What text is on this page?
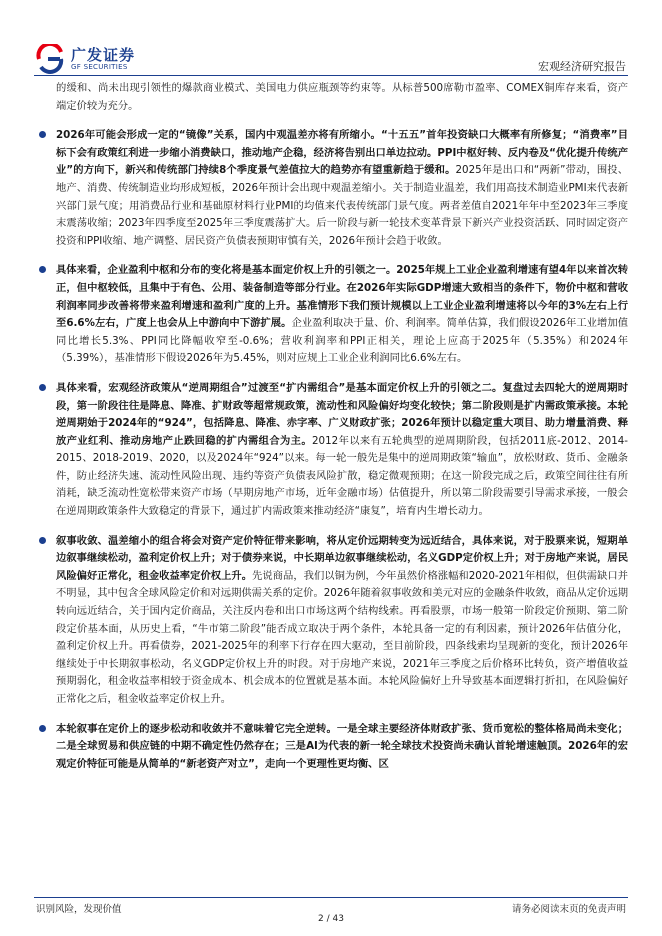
广发证券
GF SECURITIES	宏观经济研究报告

的缓和、尚未出现引领性的爆款商业模式、美国电力供应瓶颈等约束等。从标普500席勒市盈率、COMEX铜库存来看，资产端定价较为充分。

2026年可能会形成一定的“镜像”关系，国内中观温差亦将有所缩小。“十五五”首年投资缺口大概率有所修复；“消费率”目标下会有政策红利进一步缩小消费缺口，推动地产企稳，经济将告别出口单边拉动。PPI中枢好转、反内卷及“优化提升传统产业”的方向下，新兴和传统部门持续8个季度景气差值拉大的趋势亦有望重新趋于缓和。2025年是出口和“两新”带动，围投、地产、消费、传统制造业均形成短板，2026年预计会出现中观温差缩小。关于制造业温差，我们用高技术制造业PMI来代表新兴部门景气度；用消费品行业和基础原材料行业PMI的均值来代表传统部门景气度。两者差值自2021年年中至2023年三季度末震荡收缩；2023年四季度至2025年三季度震荡扩大。后一阶段与新一轮技术变革背景下新兴产业投资活跃、同时固定资产投资和PPI收缩、地产调整、居民资产负债表预期审慎有关，2026年预计会趋于收敛。

具体来看，企业盈利中枢和分布的变化将是基本面定价权上升的引领之一。2025年规上工业企业盈利增速有望4年以来首次转正，但中枢较低，且集中于有色、公用、装备制造等部分行业。在2026年实际GDP增速大致相当的条件下，物价中枢和营收利润率同步改善将带来盈利增速和盈利广度的上升。基准情形下我们预计规模以上工业企业盈利增速将以今年的3%左右上行至6.6%左右，广度上也会从上中游向中下游扩展。企业盈利取决于量、价、利润率。简单估算，我们假设2026年工业增加值同比增长5.3%、PPI同比降幅收窄至-0.6%；营收利润率和PPI正相关，理论上应高于2025年（5.35%）和2024年（5.39%），基准情形下假设2026年为5.45%，则对应规上工业企业利润同比6.6%左右。

具体来看，宏观经济政策从“逆周期组合”过渡至“扩内需组合”是基本面定价权上升的引领之二。复盘过去四轮大的逆周期时段，第一阶段往往是降息、降准、扩财政等超常规政策，流动性和风险偏好均变化较快；第二阶段则是扩内需政策承接。本轮逆周期始于2024年的“924”，包括降息、降准、赤字率、广义财政扩张；2026年预计以稳定重大项目、助力增量消费、释放产业红利、推动房地产止跌回稳的扩内需组合为主。2012年以来有五轮典型的逆周期阶段，包括2011底-2012、2014-2015、2018-2019、2020，以及2024年“924”以来。每一轮一般先是集中的逆周期政策“输血”，放松财政、货币、金融条件，防止经济失速、流动性风险出现、违约等资产负债表风险扩散，稳定微观预期；在这一阶段完成之后，政策空间往往有所消耗，缺乏流动性宽松带来资产市场（早期房地产市场，近年金融市场）估值提升，所以第二阶段需要引导需求承接，一般会在逆周期政策条件大致稳定的背景下，通过扩内需政策来推动经济“康复”，培育内生增长动力。

叙事收敛、温差缩小的组合将会对资产定价特征带来影响，将从定价远期转变为远近结合，具体来说，对于股票来说，短期单边叙事继续松动，盈利定价权上升；对于债券来说，中长期单边叙事继续松动，名义GDP定价权上升；对于房地产来说，居民风险偏好正常化，租金收益率定价权上升。先说商品，我们以铜为例，今年虽然价格涨幅和2020-2021年相似，但供需缺口并不明显，其中包含全球风险定价和对远期供需关系的定价。2026年随着叙事收敛和美元对应的金融条件收敛，商品从定价远期转向远近结合，关于国内定价商品，关注反内卷和出口市场这两个结构线索。再看股票，市场一般第一阶段定价预期、第二阶段定价基本面，从历史上看，“牛市第二阶段”能否成立取决于两个条件，本轮具备一定的有利因素，预计2026年估值分化，盈利定价权上升。再看债券，2021-2025年的利率下行存在四大驱动，至目前阶段，四条线索均呈现新的变化，预计2026年继续处于中长期叙事松动，名义GDP定价权上升的时段。对于房地产来说，2021年三季度之后价格环比转负，资产增值收益预期弱化，租金收益率相较于资金成本、机会成本的位置就是基本面。本轮风险偏好上升导致基本面逻辑打折扣，在风险偏好正常化之后，租金收益率定价权上升。

本轮叙事在定价上的逐步松动和收敛并不意味着它完全逆转。一是全球主要经济体财政扩张、货币宽松的整体格局尚未变化；二是全球贸易和供应链的中期不确定性仍然存在；三是AI为代表的新一轮全球技术投资尚未确认首轮增速触顶。2026年的宏观定价特征可能是从简单的“新老资产对立”，走向一个更理性更均衡、区

识别风险，发现价值	请务必阅读末页的免责声明
2 / 43
